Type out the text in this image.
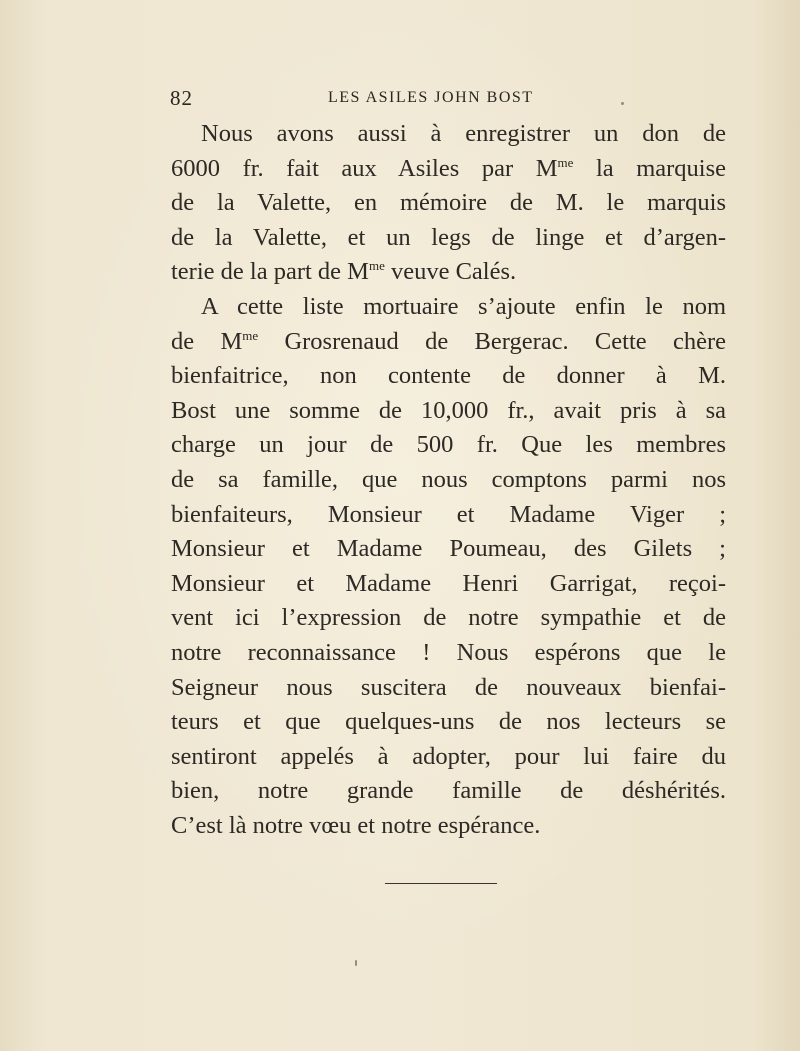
82	LES ASILES JOHN BOST
Nous avons aussi à enregistrer un don de
6000 fr. fait aux Asiles par $M^{me}$ la marquise
de la Valette, en mémoire de M. le marquis
de la Valette, et un legs de linge et d’argen-
terie de la part de $M^{me}$ veuve Calés.
A cette liste mortuaire s’ajoute enfin le nom
de $M^{me}$ Grosrenaud de Bergerac. Cette chère
bienfaitrice, non contente de donner à M.
Bost une somme de 10,000 fr., avait pris à sa
charge un jour de 500 fr. Que les membres
de sa famille, que nous comptons parmi nos
bienfaiteurs, Monsieur et Madame Viger ;
Monsieur et Madame Poumeau, des Gilets ;
Monsieur et Madame Henri Garrigat, reçoi-
vent ici l’expression de notre sympathie et de
notre reconnaissance ! Nous espérons que le
Seigneur nous suscitera de nouveaux bienfai-
teurs et que quelques-uns de nos lecteurs se
sentiront appelés à adopter, pour lui faire du
bien, notre grande famille de déshérités.
C’est là notre vœu et notre espérance.
